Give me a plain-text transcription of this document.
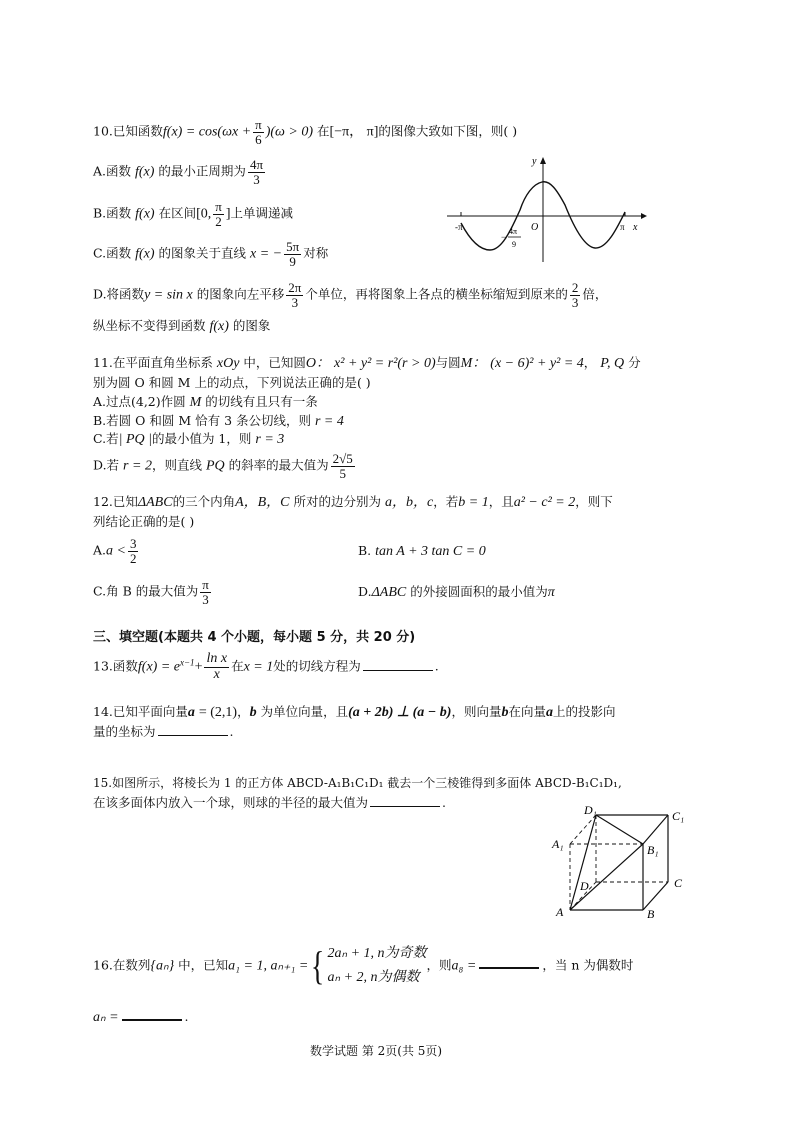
10.已知函数$f(x) = \cos(\omega x + \frac{\pi}{6} )(\omega > 0)$ 在[−π， π]的图像大致如下图，则( )
A.函数 f(x) 的最小正周期为 $\frac{4\pi}{3}$
B.函数 f(x) 在区间[0, $\frac{\pi}{2}$ ]上单调递减
C.函数 f(x) 的图象关于直线 x = − $\frac{5\pi}{9}$ 对称
y
x
O
-π	π
−
4π
9
D.将函数y = sin x 的图象向左平移 $\frac{2\pi}{3}$ 个单位，再将图象上各点的横坐标缩短到原来的 $\frac{2}{3}$ 倍，
纵坐标不变得到函数 f(x) 的图象
11.在平面直角坐标系 xOy 中，已知圆O： x² + y² = r²(r > 0)与圆M： (x − 6)² + y² = 4， P, Q 分
别为圆 O 和圆 M 上的动点，下列说法正确的是( )
A.过点(4,2)作圆 M 的切线有且只有一条
B.若圆 O 和圆 M 恰有 3 条公切线，则 r = 4
C.若| PQ |的最小值为 1，则 r = 3
D.若 r = 2，则直线 PQ 的斜率的最大值为 $\frac{2√5}{5}$
12.已知ΔABC的三个内角A，B，C 所对的边分别为 a，b，c，若b = 1，且a² − c² = 2，则下
列结论正确的是( )
$A.a < \frac{3}{2}$	B. tan A + 3 tan C = 0
C.角 B 的最大值为 $\frac{\pi}{3}$	D.ΔABC 的外接圆面积的最小值为π
三、填空题(本题共 4 个小题，每小题 5 分，共 20 分)
13.函数$f(x) = e^{x-1}+ \frac{\text{ln x}}{x}$ 在x = 1处的切线方程为	.
14.已知平面向量a = (2,1)，b 为单位向量，且(a + 2b) ⊥ (a − b)，则向量b在向量a上的投影向
量的坐标为	.
15.如图所示，将棱长为 1 的正方体 ABCD-A₁B₁C₁D₁ 截去一个三棱锥得到多面体 ABCD-B₁C₁D₁,
在该多面体内放入一个球，则球的半径的最大值为	.	D₁	C₁
A₁	B₁
C
D
A	B
16.在数列{aₙ} 中，已知a₁ = 1, aₙ₊₁ ={ 2aₙ + 1, n为奇数
aₙ + 2, n为偶数
，则a₈ =	，当 n 为偶数时
aₙ =	.
数学试题 第 2页(共 5页)
